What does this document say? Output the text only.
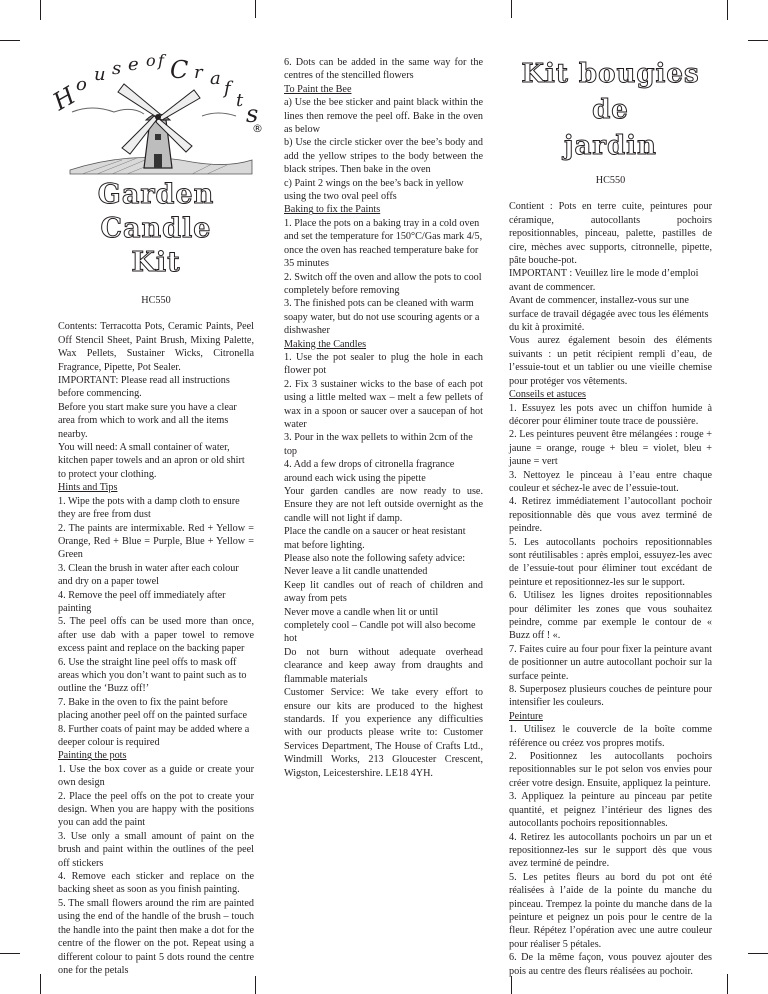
H
o u s e o f C r a f
t s
®
Garden Candle
Kit

HC550

Contents: Terracotta Pots, Ceramic Paints, Peel Off Stencil Sheet, Paint Brush, Mixing Palette, Wax Pellets, Sustainer Wicks, Citronella Fragrance, Pipette, Pot Sealer.

IMPORTANT: Please read all instructions before commencing.

Before you start make sure you have a clear area from which to work and all the items nearby.

You will need: A small container of water, kitchen paper towels and an apron or old shirt to protect your clothing.

Hints and Tips

1. Wipe the pots with a damp cloth to ensure they are free from dust

2. The paints are intermixable. Red + Yellow = Orange, Red + Blue = Purple, Blue + Yellow = Green

3. Clean the brush in water after each colour and dry on a paper towel

4. Remove the peel off immediately after painting

5. The peel offs can be used more than once, after use dab with a paper towel to remove excess paint and replace on the backing paper

6. Use the straight line peel offs to mask off areas which you don’t want to paint such as to outline the ‘Buzz off!’

7. Bake in the oven to fix the paint before placing another peel off on the painted surface

8. Further coats of paint may be added where a deeper colour is required

Painting the pots

1. Use the box cover as a guide or create your own design

2. Place the peel offs on the pot to create your design. When you are happy with the positions you can add the paint

3. Use only a small amount of paint on the brush and paint within the outlines of the peel off stickers

4. Remove each sticker and replace on the backing sheet as soon as you finish painting.

5. The small flowers around the rim are painted using the end of the handle of the brush – touch the handle into the paint then make a dot for the centre of the flower on the pot. Repeat using a different colour to paint 5 dots round the centre one for the petals

6. Dots can be added in the same way for the centres of the stencilled flowers

To Paint the Bee

a) Use the bee sticker and paint black within the lines then remove the peel off. Bake in the oven as below

b) Use the circle sticker over the bee’s body and add the yellow stripes to the body between the black stripes. Then bake in the oven

c) Paint 2 wings on the bee’s back in yellow using the two oval peel offs

Baking to fix the Paints

1. Place the pots on a baking tray in a cold oven and set the temperature for 150°C/Gas mark 4/5, once the oven has reached temperature bake for 35 minutes

2. Switch off the oven and allow the pots to cool completely before removing

3. The finished pots can be cleaned with warm soapy water, but do not use scouring agents or a dishwasher

Making the Candles

1. Use the pot sealer to plug the hole in each flower pot

2. Fix 3 sustainer wicks to the base of each pot using a little melted wax – melt a few pellets of wax in a spoon or saucer over a saucepan of hot water

3. Pour in the wax pellets to within 2cm of the top

4. Add a few drops of citronella fragrance around each wick using the pipette

Your garden candles are now ready to use. Ensure they are not left outside overnight as the candle will not light if damp.

Place the candle on a saucer or heat resistant mat before lighting.

Please also note the following safety advice:

Never leave a lit candle unattended

Keep lit candles out of reach of children and away from pets

Never move a candle when lit or until completely cool – Candle pot will also become hot

Do not burn without adequate overhead clearance and keep away from draughts and flammable materials

Customer Service: We take every effort to ensure our kits are produced to the highest standards. If you experience any difficulties with our products please write to: Customer Services Department, The House of Crafts Ltd., Windmill Works, 213 Gloucester Crescent, Wigston, Leicestershire. LE18 4YH.

Kit bougies de
jardin

HC550

Contient : Pots en terre cuite, peintures pour céramique, autocollants pochoirs repositionnables, pinceau, palette, pastilles de cire, mèches avec supports, citronnelle, pipette, pâte bouche-pot.

IMPORTANT : Veuillez lire le mode d’emploi avant de commencer.

Avant de commencer, installez-vous sur une surface de travail dégagée avec tous les éléments du kit à proximité.

Vous aurez également besoin des éléments suivants : un petit récipient rempli d’eau, de l’essuie-tout et un tablier ou une vieille chemise pour protéger vos vêtements.

Conseils et astuces

1. Essuyez les pots avec un chiffon humide à décorer pour éliminer toute trace de poussière.

2. Les peintures peuvent être mélangées : rouge + jaune = orange, rouge + bleu = violet, bleu + jaune = vert

3. Nettoyez le pinceau à l’eau entre chaque couleur et séchez-le avec de l’essuie-tout.

4. Retirez immédiatement l’autocollant pochoir repositionnable dès que vous avez terminé de peindre.

5. Les autocollants pochoirs repositionnables sont réutilisables : après emploi, essuyez-les avec de l’essuie-tout pour éliminer tout excédant de peinture et repositionnez-les sur le support.

6. Utilisez les lignes droites repositionnables pour délimiter les zones que vous souhaitez peindre, comme par exemple le contour de « Buzz off ! «.

7. Faites cuire au four pour fixer la peinture avant de positionner un autre autocollant pochoir sur la surface peinte.

8. Superposez plusieurs couches de peinture pour intensifier les couleurs.

Peinture

1. Utilisez le couvercle de la boîte comme référence ou créez vos propres motifs.

2. Positionnez les autocollants pochoirs repositionnables sur le pot selon vos envies pour créer votre design. Ensuite, appliquez la peinture.

3. Appliquez la peinture au pinceau par petite quantité, et peignez l’intérieur des lignes des autocollants pochoirs repositionnables.

4. Retirez les autocollants pochoirs un par un et repositionnez-les sur le support dès que vous avez terminé de peindre.

5. Les petites fleurs au bord du pot ont été réalisées à l’aide de la pointe du manche du pinceau. Trempez la pointe du manche dans de la peinture et peignez un pois pour le centre de la fleur. Répétez l’opération avec une autre couleur pour réaliser 5 pétales.

6. De la même façon, vous pouvez ajouter des pois au centre des fleurs réalisées au pochoir.
